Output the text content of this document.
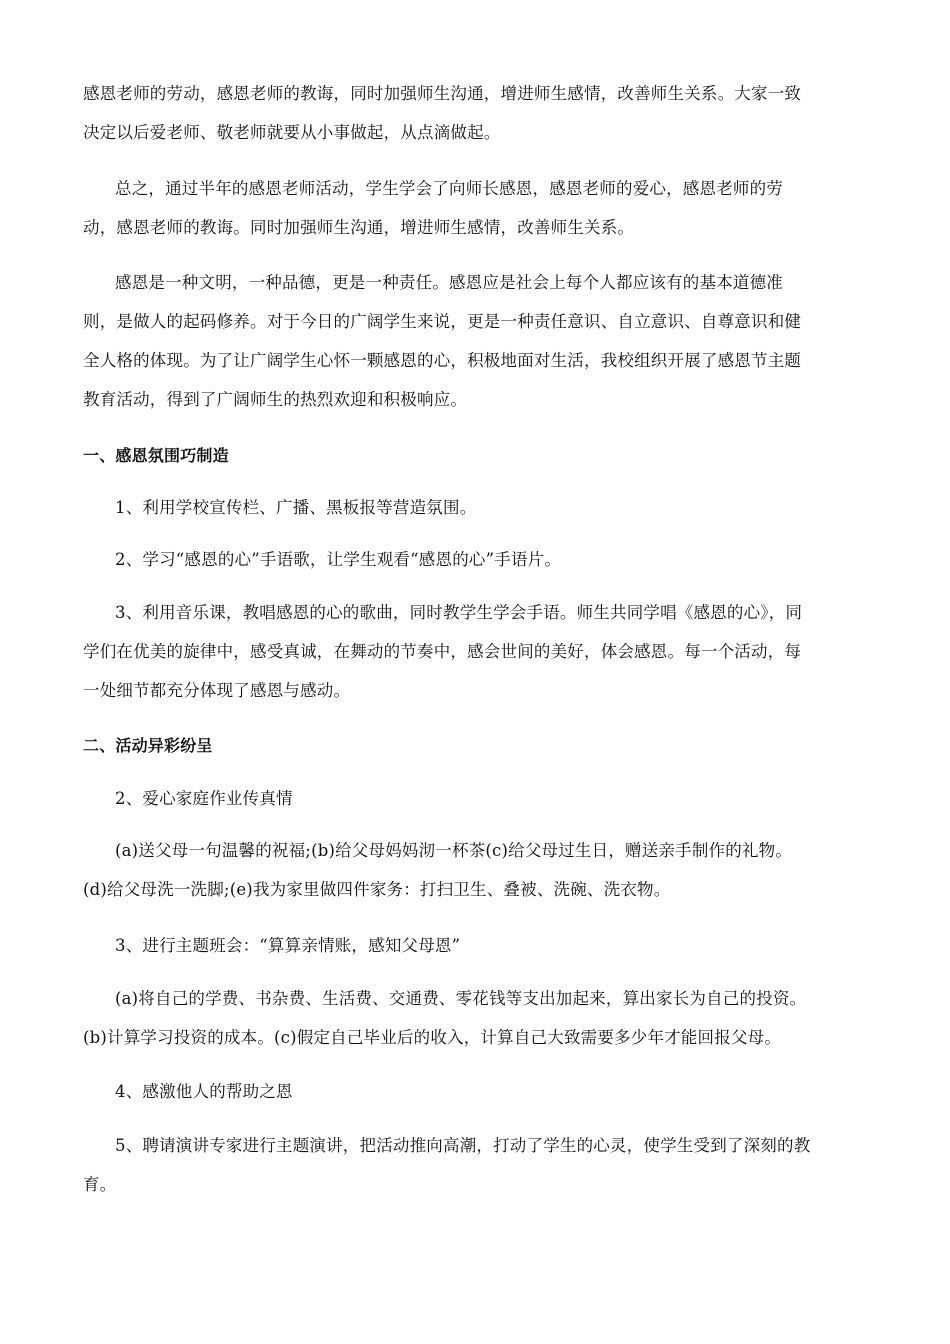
感恩老师的劳动，感恩老师的教诲，同时加强师生沟通，增进师生感情，改善师生关系。大家一致
决定以后爱老师、敬老师就要从小事做起，从点滴做起。
总之，通过半年的感恩老师活动，学生学会了向师长感恩，感恩老师的爱心，感恩老师的劳
动，感恩老师的教诲。同时加强师生沟通，增进师生感情，改善师生关系。
感恩是一种文明，一种品德，更是一种责任。感恩应是社会上每个人都应该有的基本道德准
则，是做人的起码修养。对于今日的广阔学生来说，更是一种责任意识、自立意识、自尊意识和健
全人格的体现。为了让广阔学生心怀一颗感恩的心，积极地面对生活，我校组织开展了感恩节主题
教育活动，得到了广阔师生的热烈欢迎和积极响应。
一、感恩氛围巧制造
1、利用学校宣传栏、广播、黑板报等营造氛围。
2、学习“感恩的心”手语歌，让学生观看“感恩的心”手语片。
3、利用音乐课，教唱感恩的心的歌曲，同时教学生学会手语。师生共同学唱《感恩的心》，同
学们在优美的旋律中，感受真诚，在舞动的节奏中，感会世间的美好，体会感恩。每一个活动，每
一处细节都充分体现了感恩与感动。
二、活动异彩纷呈
2、爱心家庭作业传真情
(a)送父母一句温馨的祝福;(b)给父母妈妈沏一杯茶(c)给父母过生日，赠送亲手制作的礼物。
(d)给父母洗一洗脚;(e)我为家里做四件家务：打扫卫生、叠被、洗碗、洗衣物。
3、进行主题班会：“算算亲情账，感知父母恩”
(a)将自己的学费、书杂费、生活费、交通费、零花钱等支出加起来，算出家长为自己的投资。
(b)计算学习投资的成本。(c)假定自己毕业后的收入，计算自己大致需要多少年才能回报父母。
4、感激他人的帮助之恩
5、聘请演讲专家进行主题演讲，把活动推向高潮，打动了学生的心灵，使学生受到了深刻的教
育。
